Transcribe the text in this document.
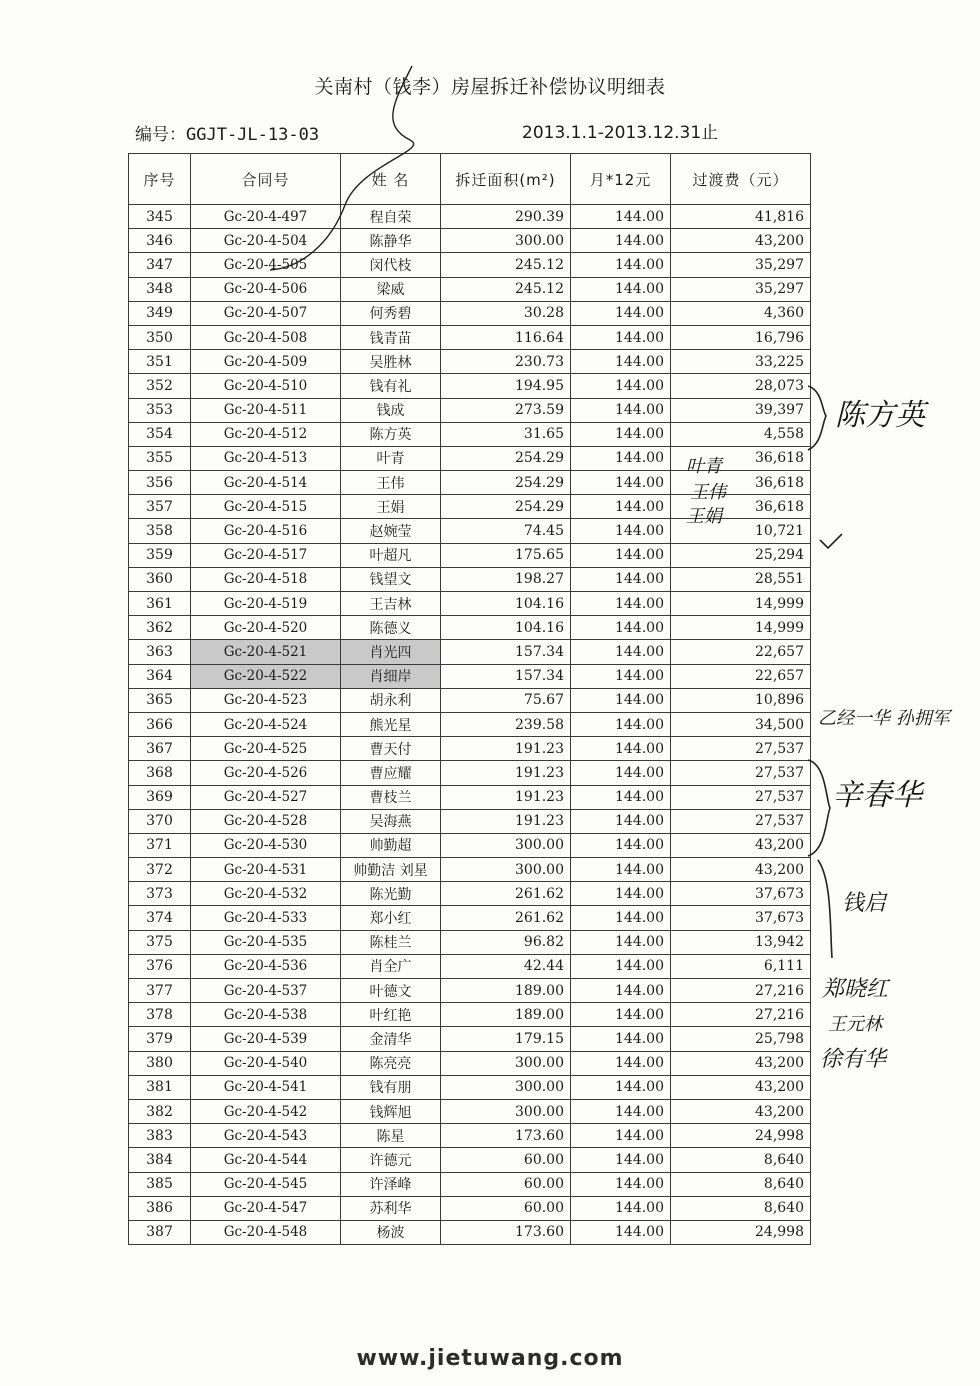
关南村（钱李）房屋拆迁补偿协议明细表
编号：GGJT-JL-13-03	2013.1.1-2013.12.31止
序号	合同号	姓 名	拆迁面积(m²)	月*12元	过渡费（元）
345	Gc-20-4-497	程自荣	290.39	144.00	41,816
346	Gc-20-4-504	陈静华	300.00	144.00	43,200
347	Gc-20-4-505	闵代枝	245.12	144.00	35,297
348	Gc-20-4-506	梁威	245.12	144.00	35,297
349	Gc-20-4-507	何秀碧	30.28	144.00	4,360
350	Gc-20-4-508	钱青苗	116.64	144.00	16,796
351	Gc-20-4-509	吴胜林	230.73	144.00	33,225
352	Gc-20-4-510	钱有礼	194.95	144.00	28,073
353	Gc-20-4-511	钱成	273.59	144.00	39,397
354	Gc-20-4-512	陈方英	31.65	144.00	4,558
355	Gc-20-4-513	叶青	254.29	144.00	36,618
356	Gc-20-4-514	王伟	254.29	144.00	36,618
357	Gc-20-4-515	王娟	254.29	144.00	36,618
358	Gc-20-4-516	赵婉莹	74.45	144.00	10,721
359	Gc-20-4-517	叶超凡	175.65	144.00	25,294
360	Gc-20-4-518	钱望文	198.27	144.00	28,551
361	Gc-20-4-519	王吉林	104.16	144.00	14,999
362	Gc-20-4-520	陈德义	104.16	144.00	14,999
363	Gc-20-4-521	肖光四	157.34	144.00	22,657
364	Gc-20-4-522	肖细岸	157.34	144.00	22,657
365	Gc-20-4-523	胡永利	75.67	144.00	10,896
366	Gc-20-4-524	熊光星	239.58	144.00	34,500
367	Gc-20-4-525	曹天付	191.23	144.00	27,537
368	Gc-20-4-526	曹应耀	191.23	144.00	27,537
369	Gc-20-4-527	曹枝兰	191.23	144.00	27,537
370	Gc-20-4-528	吴海燕	191.23	144.00	27,537
371	Gc-20-4-530	帅勤超	300.00	144.00	43,200
372	Gc-20-4-531	帅勤洁 刘星	300.00	144.00	43,200
373	Gc-20-4-532	陈光勤	261.62	144.00	37,673
374	Gc-20-4-533	郑小红	261.62	144.00	37,673
375	Gc-20-4-535	陈桂兰	96.82	144.00	13,942
376	Gc-20-4-536	肖全广	42.44	144.00	6,111
377	Gc-20-4-537	叶德文	189.00	144.00	27,216
378	Gc-20-4-538	叶红艳	189.00	144.00	27,216
379	Gc-20-4-539	金清华	179.15	144.00	25,798
380	Gc-20-4-540	陈亮亮	300.00	144.00	43,200
381	Gc-20-4-541	钱有朋	300.00	144.00	43,200
382	Gc-20-4-542	钱辉旭	300.00	144.00	43,200
383	Gc-20-4-543	陈星	173.60	144.00	24,998
384	Gc-20-4-544	许德元	60.00	144.00	8,640
385	Gc-20-4-545	许泽峰	60.00	144.00	8,640
386	Gc-20-4-547	苏利华	60.00	144.00	8,640
387	Gc-20-4-548	杨波	173.60	144.00	24,998
陈方英
辛春华
钱启
叶青
王伟
王娟
郑晓红
王元林
徐有华
乙经一华 孙拥军
www.jietuwang.com
